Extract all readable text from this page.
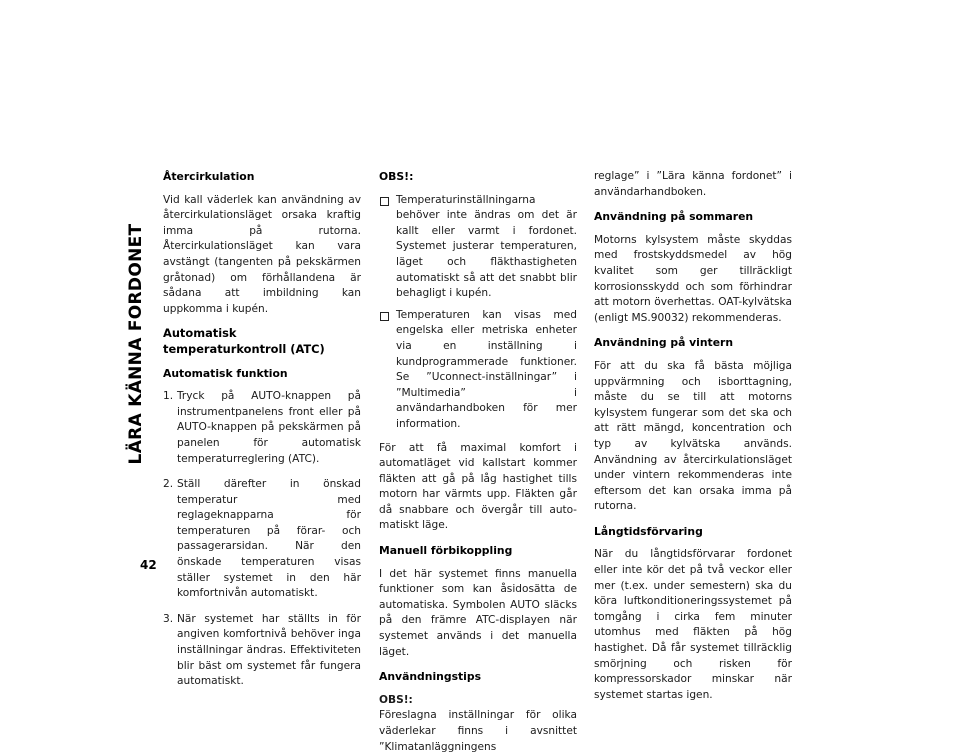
LÄRA KÄNNA FORDONET
42
Återcirkulation

Vid kall väderlek kan användning av återcirkulationsläget orsaka kraftig imma på rutorna. Återcirkulationsläget kan vara avstängt (tangenten på pekskärmen gråtonad) om förhållandena är sådana att imbildning kan uppkomma i kupén.

Automatisk temperaturkontroll (ATC)
Automatisk funktion
1. Tryck på AUTO-knappen på instrumentpanelens front eller på AUTO-knappen på pekskärmen på panelen för automatisk temperaturreglering (ATC).
2. Ställ därefter in önskad temperatur med reglageknapparna för temperaturen på förar- och passagerarsidan. När den önskade temperaturen visas ställer systemet in den här komfortnivån automatiskt.
3. När systemet har ställts in för angiven komfortnivå behöver inga inställningar ändras. Effektiviteten blir bäst om systemet får fungera automatiskt.
OBS!:
Temperaturinställningarna behöver inte ändras om det är kallt eller varmt i fordonet. Systemet justerar temperaturen, läget och fläkthastigheten automatiskt så att det snabbt blir behagligt i kupén.
Temperaturen kan visas med engelska eller metriska enheter via en inställning i kundprogrammerade funktioner. Se ”Uconnect-inställningar” i ”Multimedia” i användarhandboken för mer information.

För att få maximal komfort i automatläget vid kallstart kommer fläkten att gå på låg hastighet tills motorn har värmts upp. Fläkten går då snabbare och övergår till automatiskt läge.

Manuell förbikoppling

I det här systemet finns manuella funktioner som kan åsidosätta de automatiska. Symbolen AUTO släcks på den främre ATC-displayen när systemet används i det manuella läget.

Användningstips
OBS!:

Föreslagna inställningar för olika väderlekar finns i avsnittet ”Klimatanläggningens

reglage” i ”Lära känna fordonet” i användarhandboken.

Användning på sommaren

Motorns kylsystem måste skyddas med frostskyddsmedel av hög kvalitet som ger tillräckligt korrosionsskydd och som förhindrar att motorn överhettas. OAT-kylvätska (enligt MS.90032) rekommenderas.

Användning på vintern

För att du ska få bästa möjliga uppvärmning och isborttagning, måste du se till att motorns kylsystem fungerar som det ska och att rätt mängd, koncentration och typ av kylvätska används. Användning av återcirkulationsläget under vintern rekommenderas inte eftersom det kan orsaka imma på rutorna.

Långtidsförvaring

När du långtidsförvarar fordonet eller inte kör det på två veckor eller mer (t.ex. under semestern) ska du köra luftkonditioneringssystemet på tomgång i cirka fem minuter utomhus med fläkten på hög hastighet. Då får systemet tillräcklig smörjning och risken för kompressorskador minskar när systemet startas igen.
